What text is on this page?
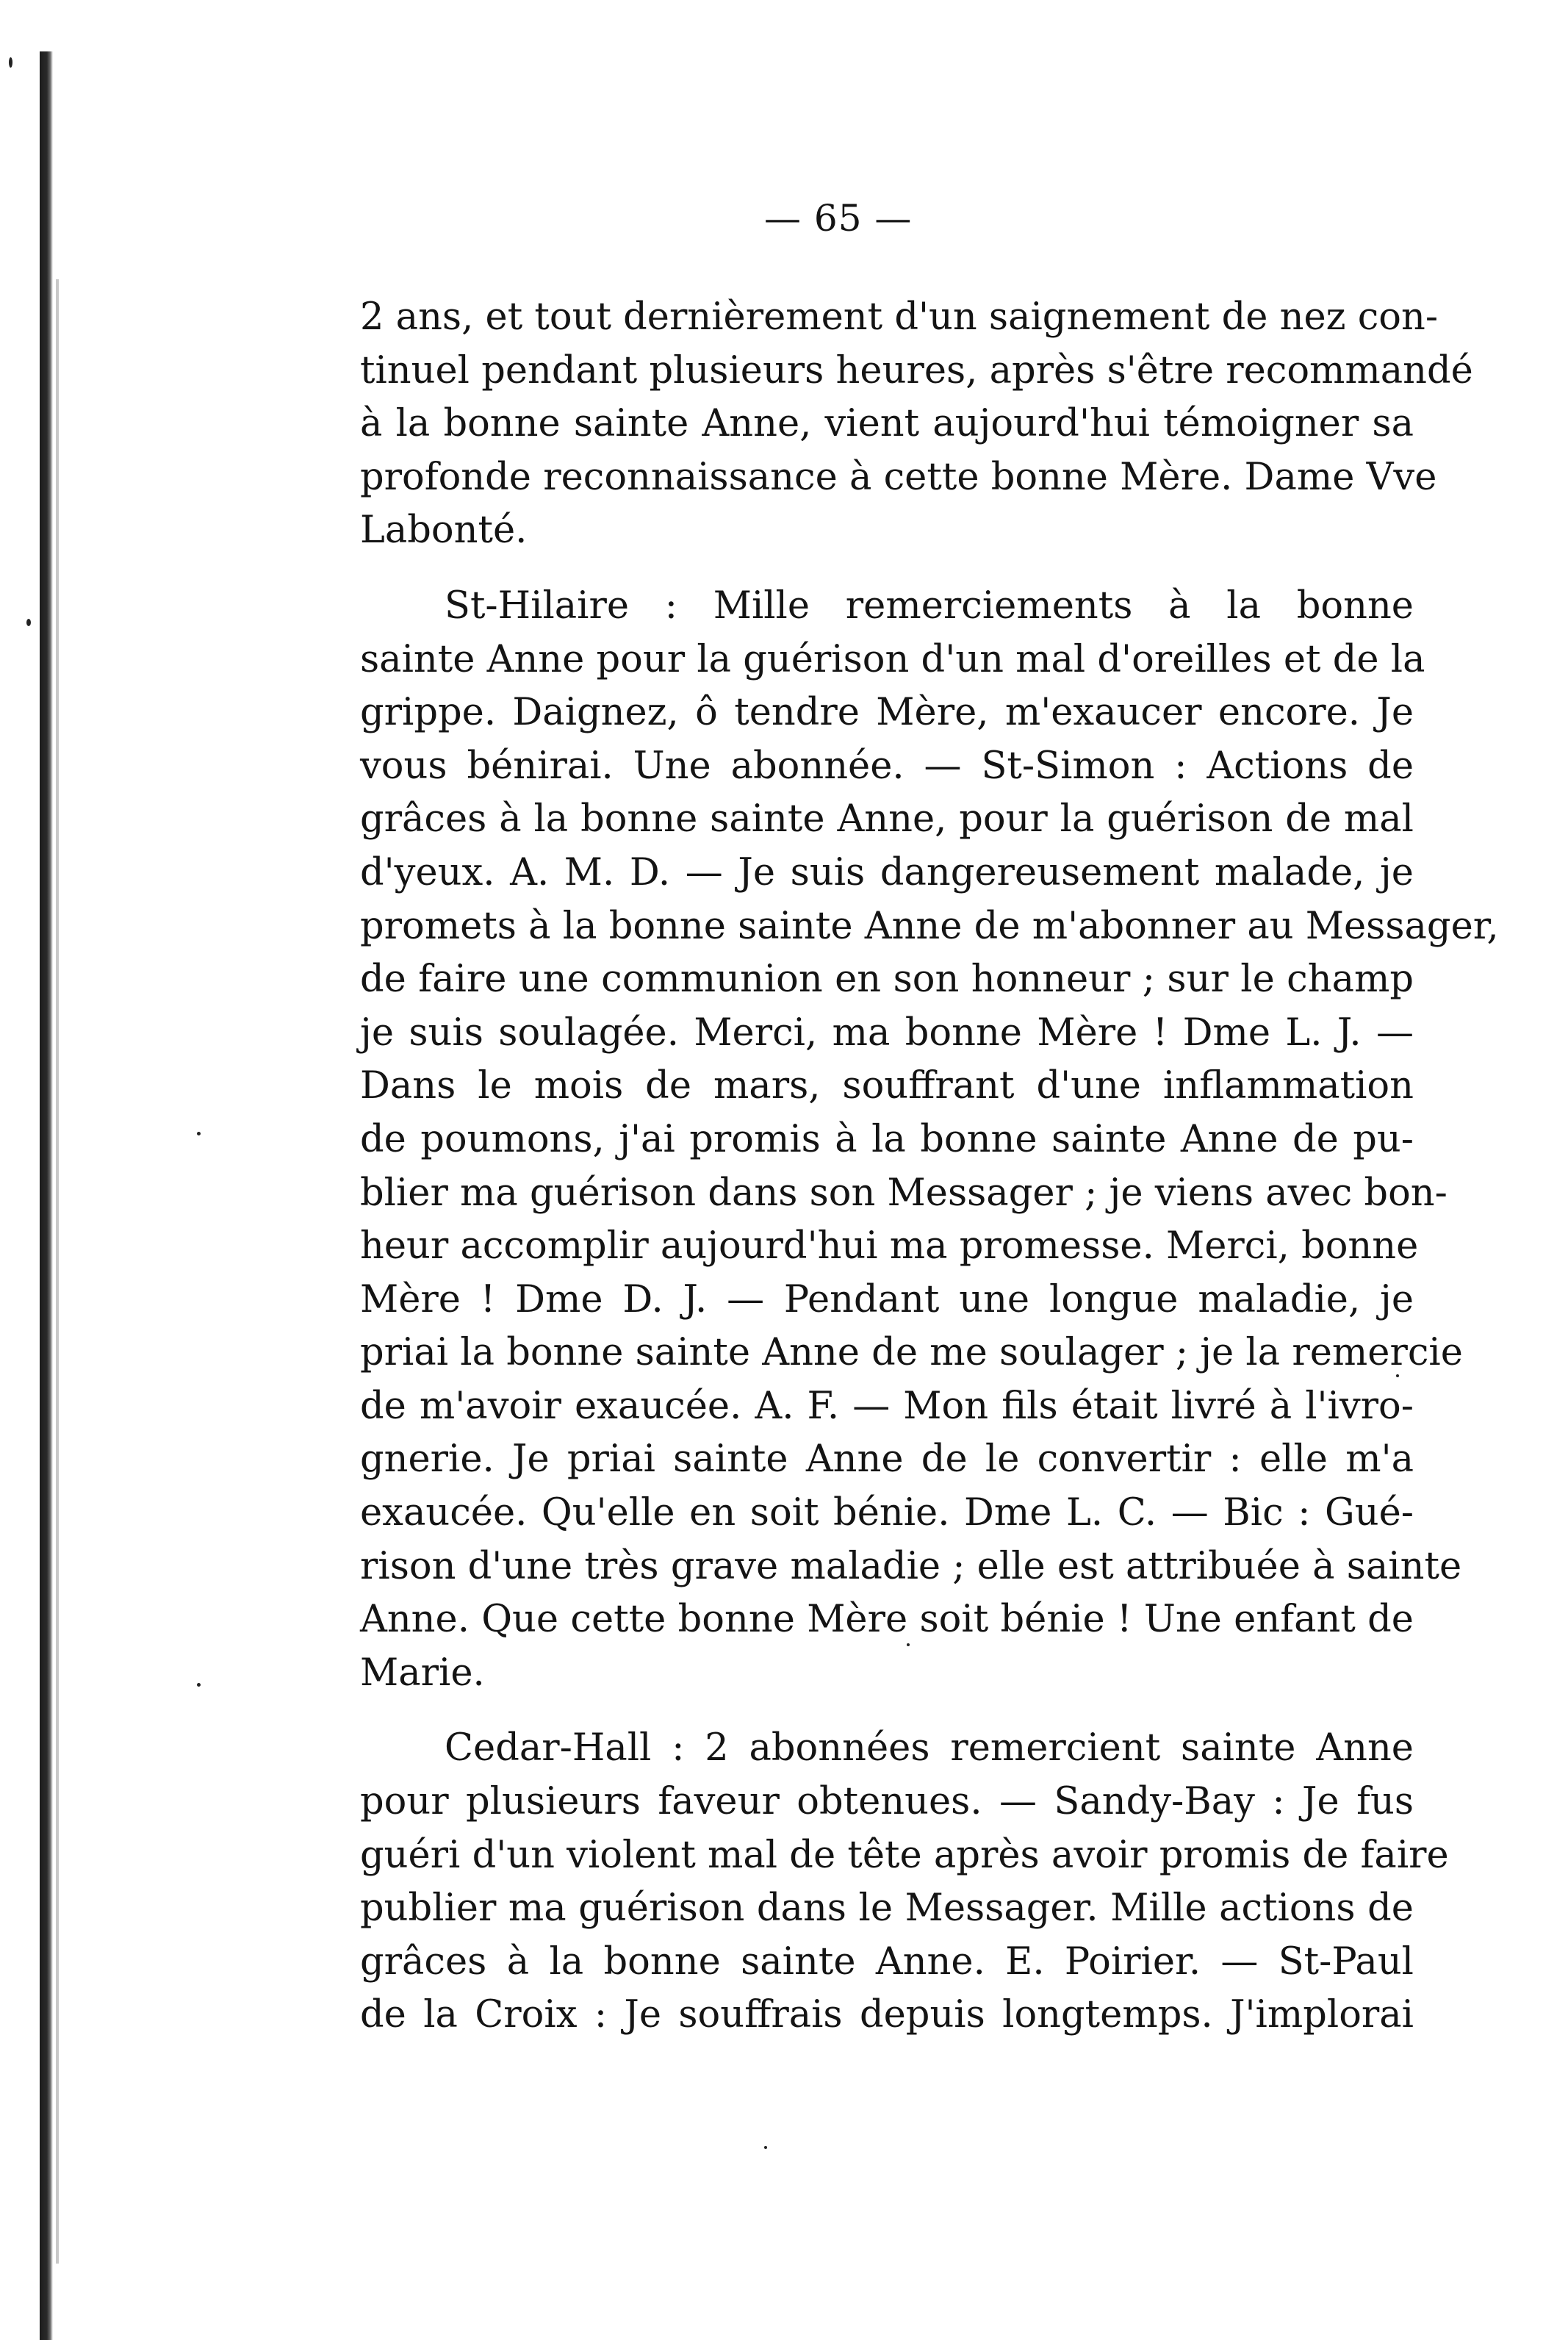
— 65 —

2 ans, et tout dernièrement d'un saignement de nez con-
tinuel pendant plusieurs heures, après s'être recommandé
à la bonne sainte Anne, vient aujourd'hui témoigner sa
profonde reconnaissance à cette bonne Mère. Dame Vve
Labonté.

St-Hilaire : Mille remerciements à la bonne
sainte Anne pour la guérison d'un mal d'oreilles et de la
grippe. Daignez, ô tendre Mère, m'exaucer encore. Je
vous bénirai. Une abonnée. — St-Simon : Actions de
grâces à la bonne sainte Anne, pour la guérison de mal
d'yeux. A. M. D. — Je suis dangereusement malade, je
promets à la bonne sainte Anne de m'abonner au Messager,
de faire une communion en son honneur ; sur le champ
je suis soulagée. Merci, ma bonne Mère ! Dme L. J. —
Dans le mois de mars, souffrant d'une inflammation
de poumons, j'ai promis à la bonne sainte Anne de pu-
blier ma guérison dans son Messager ; je viens avec bon-
heur accomplir aujourd'hui ma promesse. Merci, bonne
Mère ! Dme D. J. — Pendant une longue maladie, je
priai la bonne sainte Anne de me soulager ; je la remercie
de m'avoir exaucée. A. F. — Mon fils était livré à l'ivro-
gnerie. Je priai sainte Anne de le convertir : elle m'a
exaucée. Qu'elle en soit bénie. Dme L. C. — Bic : Gué-
rison d'une très grave maladie ; elle est attribuée à sainte
Anne. Que cette bonne Mère soit bénie ! Une enfant de
Marie.

Cedar-Hall : 2 abonnées remercient sainte Anne
pour plusieurs faveur obtenues. — Sandy-Bay : Je fus
guéri d'un violent mal de tête après avoir promis de faire
publier ma guérison dans le Messager. Mille actions de
grâces à la bonne sainte Anne. E. Poirier. — St-Paul
de la Croix : Je souffrais depuis longtemps. J'implorai
